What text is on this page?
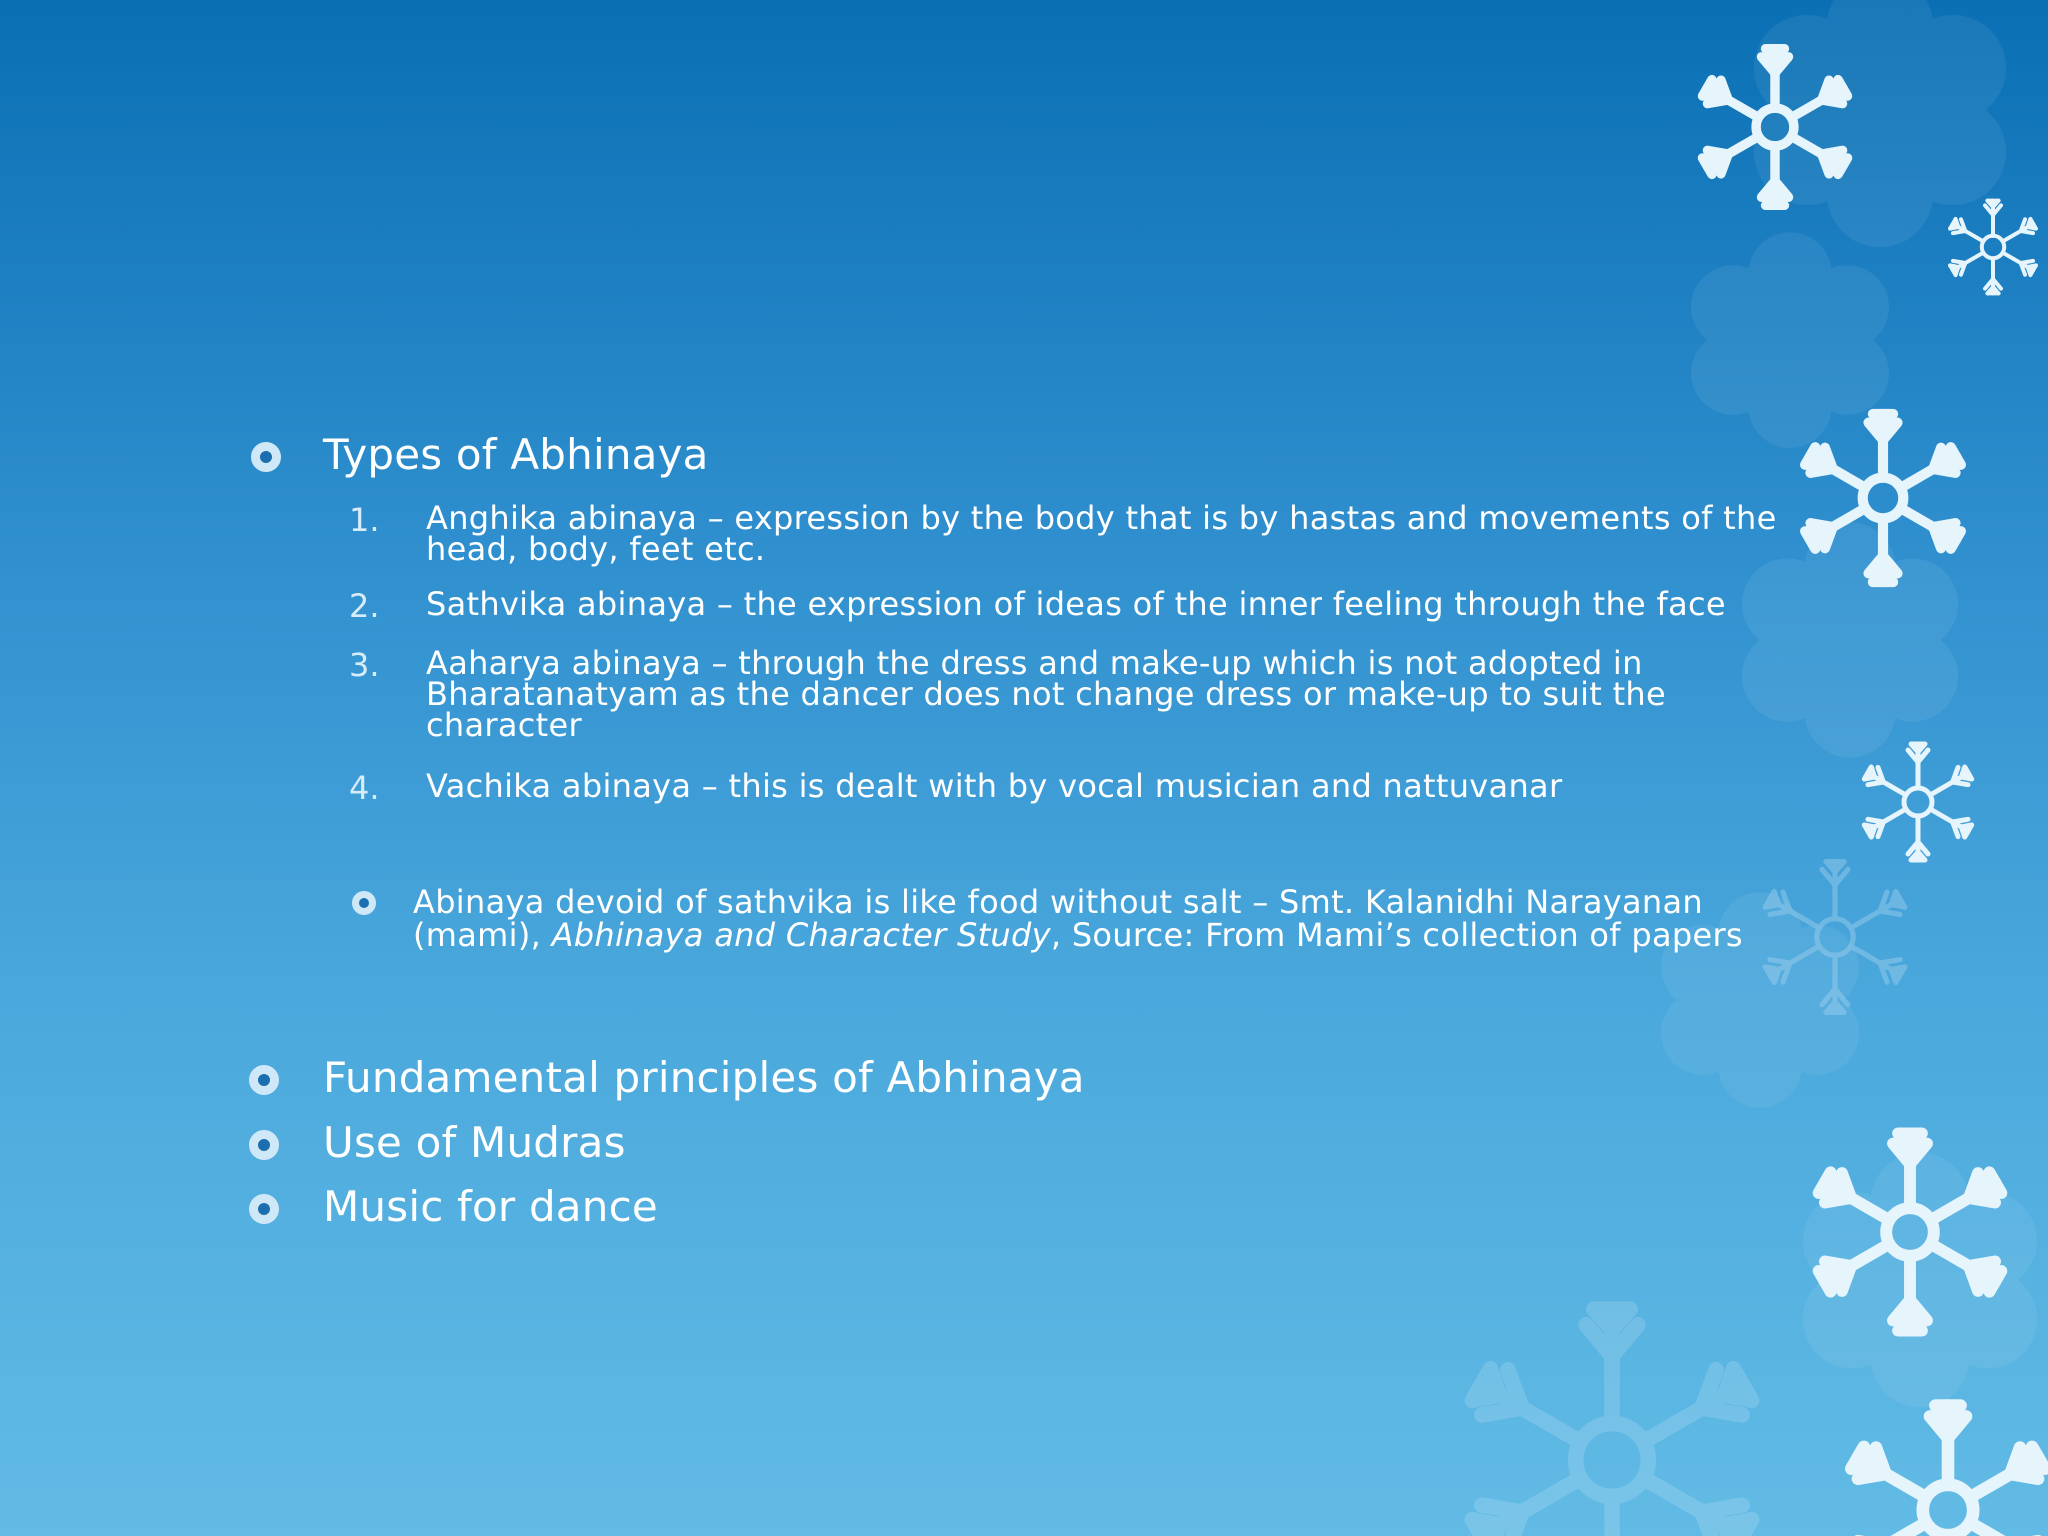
Types of Abhinaya
1. Anghika abinaya – expression by the body that is by hastas and movements of the head, body, feet etc.
2. Sathvika abinaya – the expression of ideas of the inner feeling through the face
3. Aaharya abinaya – through the dress and make-up which is not adopted in Bharatanatyam as the dancer does not change dress or make-up to suit the character
4. Vachika abinaya – this is dealt with by vocal musician and nattuvanar
Abinaya devoid of sathvika is like food without salt – Smt. Kalanidhi Narayanan (mami), Abhinaya and Character Study, Source: From Mami’s collection of papers
Fundamental principles of Abhinaya
Use of Mudras
Music for dance
